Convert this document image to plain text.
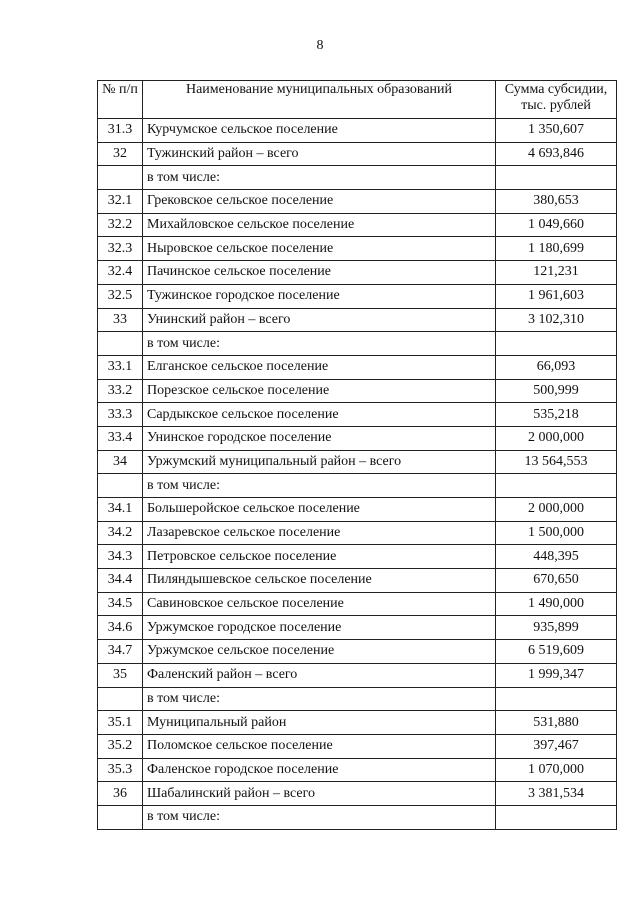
8
№ п/п	Наименование муниципальных образований	Сумма субсидии, тыс. рублей
31.3	Курчумское сельское поселение	1 350,607
32	Тужинский район – всего	4 693,846
	в том числе:	
32.1	Грековское сельское поселение	380,653
32.2	Михайловское сельское поселение	1 049,660
32.3	Ныровское сельское поселение	1 180,699
32.4	Пачинское сельское поселение	121,231
32.5	Тужинское городское поселение	1 961,603
33	Унинский район – всего	3 102,310
	в том числе:	
33.1	Елганское сельское поселение	66,093
33.2	Порезское сельское поселение	500,999
33.3	Сардыкское сельское поселение	535,218
33.4	Унинское городское поселение	2 000,000
34	Уржумский муниципальный район – всего	13 564,553
	в том числе:	
34.1	Большеройское сельское поселение	2 000,000
34.2	Лазаревское сельское поселение	1 500,000
34.3	Петровское сельское поселение	448,395
34.4	Пиляндышевское сельское поселение	670,650
34.5	Савиновское сельское поселение	1 490,000
34.6	Уржумское городское поселение	935,899
34.7	Уржумское сельское поселение	6 519,609
35	Фаленский район – всего	1 999,347
	в том числе:	
35.1	Муниципальный район	531,880
35.2	Поломское сельское поселение	397,467
35.3	Фаленское городское поселение	1 070,000
36	Шабалинский район – всего	3 381,534
	в том числе:	
